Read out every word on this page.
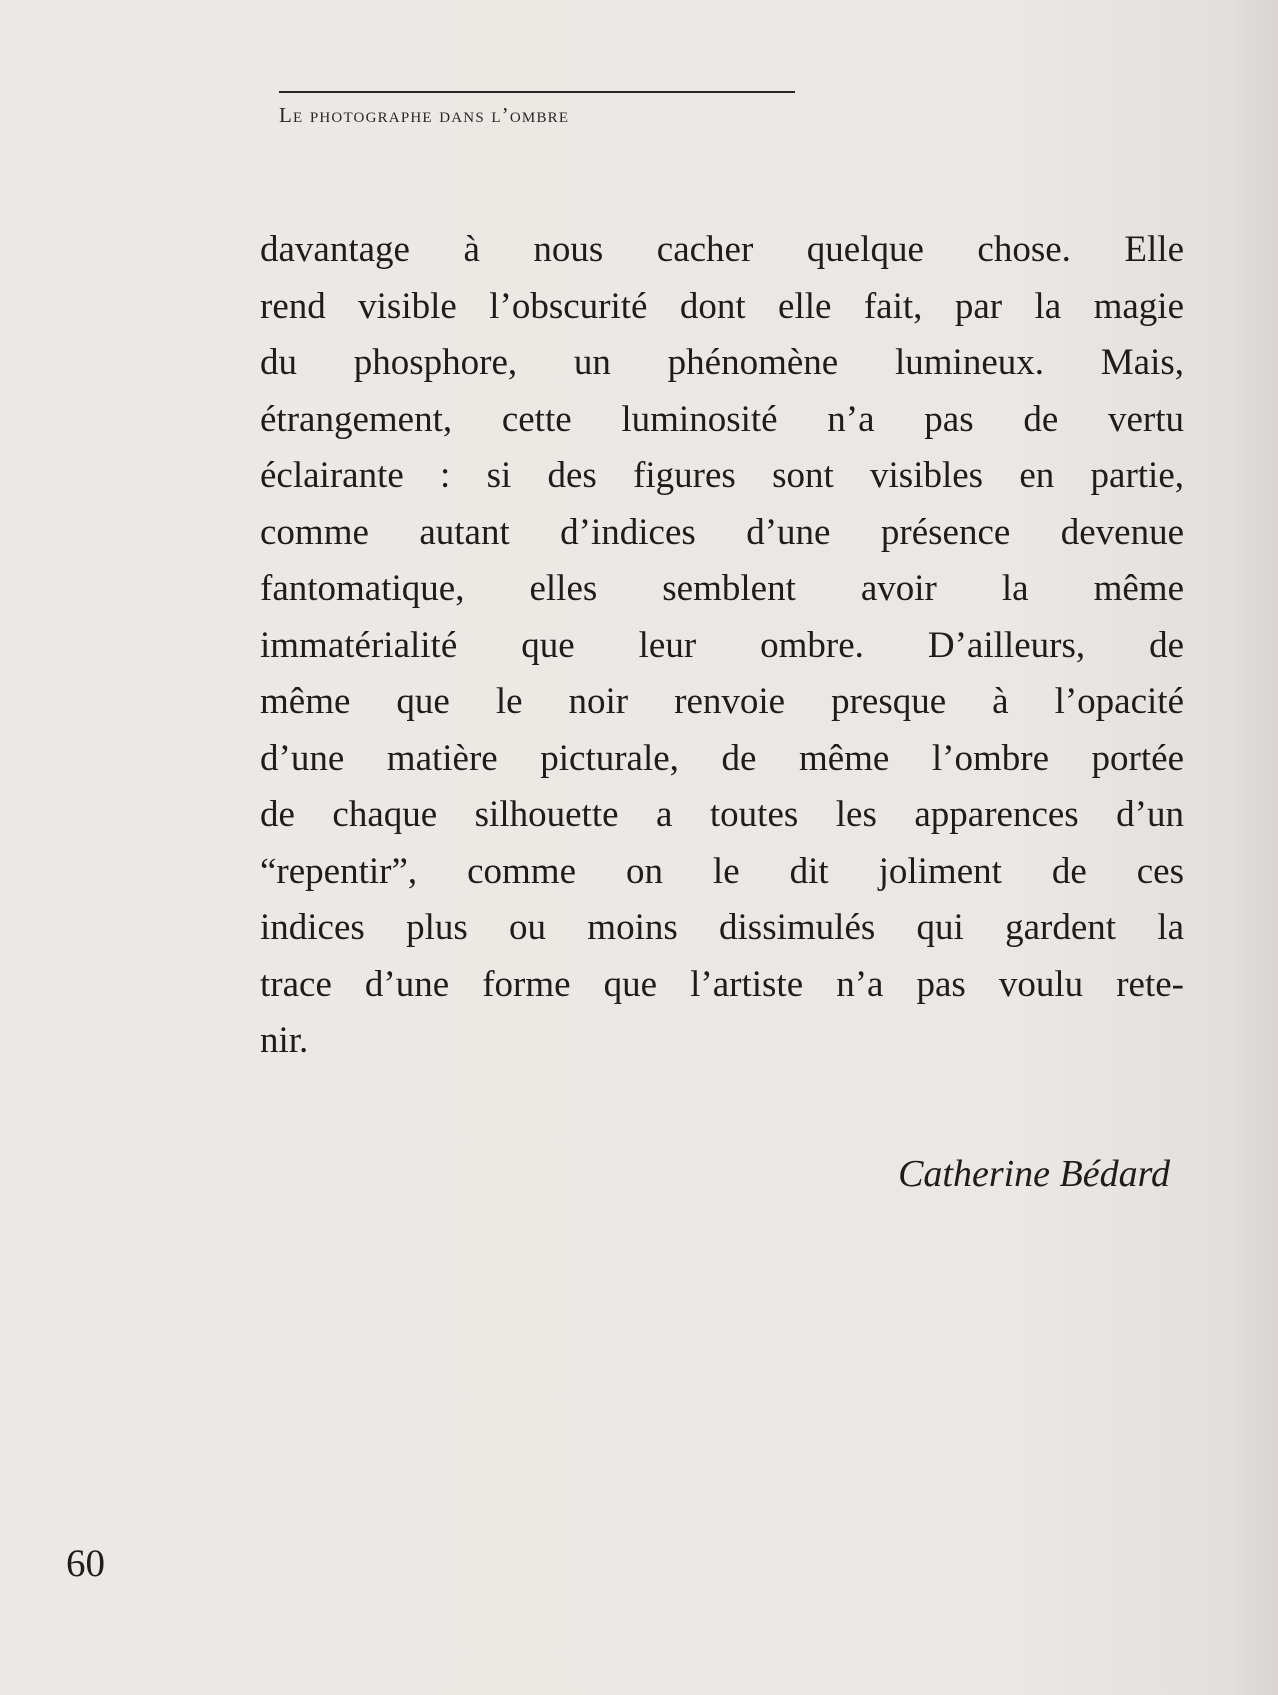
Le photographe dans l’ombre
davantage à nous cacher quelque chose. Elle
rend visible l’obscurité dont elle fait, par la magie
du phosphore, un phénomène lumineux. Mais,
étrangement, cette luminosité n’a pas de vertu
éclairante : si des figures sont visibles en partie,
comme autant d’indices d’une présence devenue
fantomatique, elles semblent avoir la même
immatérialité que leur ombre. D’ailleurs, de
même que le noir renvoie presque à l’opacité
d’une matière picturale, de même l’ombre portée
de chaque silhouette a toutes les apparences d’un
“repentir”, comme on le dit joliment de ces
indices plus ou moins dissimulés qui gardent la
trace d’une forme que l’artiste n’a pas voulu rete-
nir.
Catherine Bédard
60
